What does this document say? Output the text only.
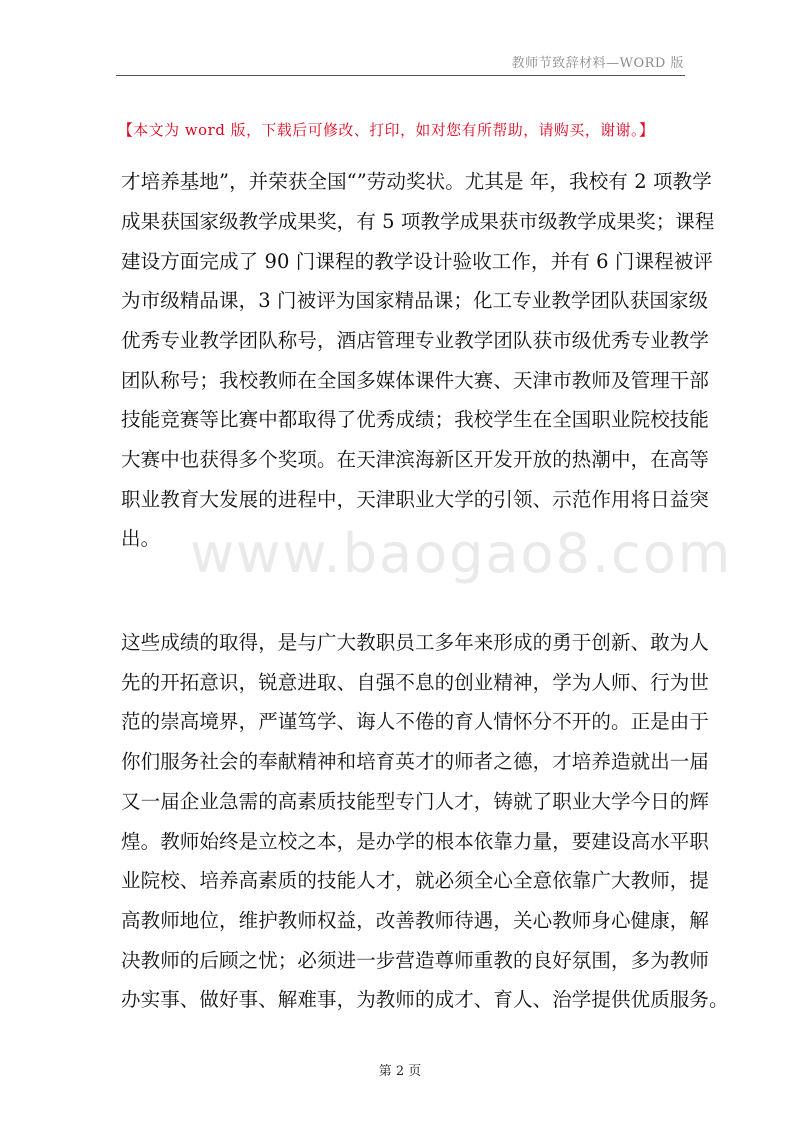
教师节致辞材料—WORD 版
【本文为 word 版，下载后可修改、打印，如对您有所帮助，请购买，谢谢。】
才培养基地”，并荣获全国“”劳动奖状。尤其是 年，我校有 2 项教学
成果获国家级教学成果奖，有 5 项教学成果获市级教学成果奖；课程
建设方面完成了 90 门课程的教学设计验收工作，并有 6 门课程被评
为市级精品课，3 门被评为国家精品课；化工专业教学团队获国家级
优秀专业教学团队称号，酒店管理专业教学团队获市级优秀专业教学
团队称号；我校教师在全国多媒体课件大赛、天津市教师及管理干部
技能竞赛等比赛中都取得了优秀成绩；我校学生在全国职业院校技能
大赛中也获得多个奖项。在天津滨海新区开发开放的热潮中，在高等
职业教育大发展的进程中，天津职业大学的引领、示范作用将日益突
出。 www.baogao8.com
这些成绩的取得，是与广大教职员工多年来形成的勇于创新、敢为人
先的开拓意识，锐意进取、自强不息的创业精神，学为人师、行为世
范的崇高境界，严谨笃学、诲人不倦的育人情怀分不开的。正是由于
你们服务社会的奉献精神和培育英才的师者之德，才培养造就出一届
又一届企业急需的高素质技能型专门人才，铸就了职业大学今日的辉
煌。教师始终是立校之本，是办学的根本依靠力量，要建设高水平职
业院校、培养高素质的技能人才，就必须全心全意依靠广大教师，提
高教师地位，维护教师权益，改善教师待遇，关心教师身心健康，解
决教师的后顾之忧；必须进一步营造尊师重教的良好氛围，多为教师
办实事、做好事、解难事，为教师的成才、育人、治学提供优质服务。
第 2 页
